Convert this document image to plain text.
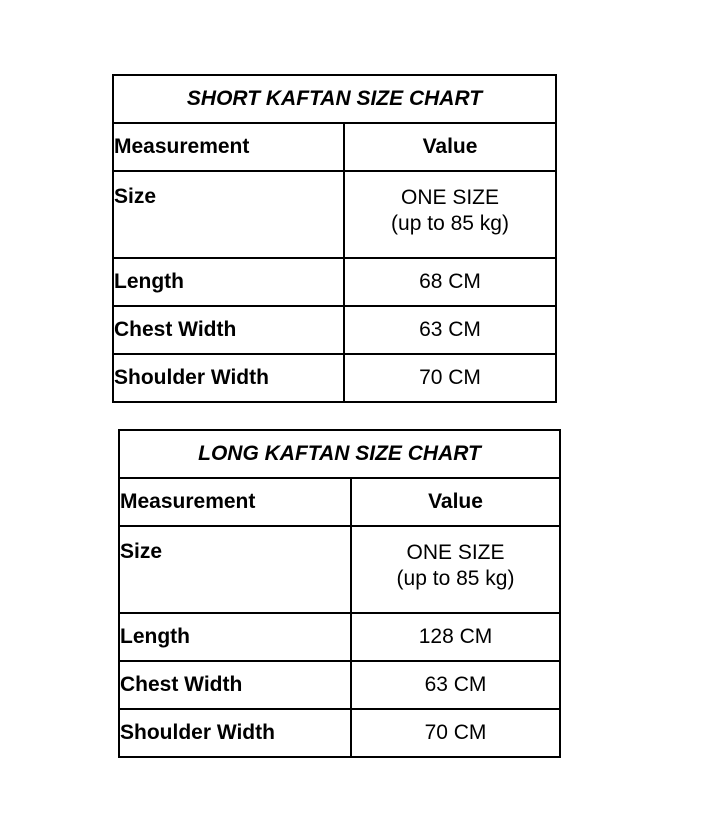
SHORT KAFTAN SIZE CHART	
Measurement	Value
Size	ONE SIZE
(up to 85 kg)

Length	68 CM
Chest Width	63 CM
Shoulder Width	70 CM
LONG KAFTAN SIZE CHART	
Measurement	Value
Size	ONE SIZE
(up to 85 kg)

Length	128 CM
Chest Width	63 CM
Shoulder Width	70 CM
